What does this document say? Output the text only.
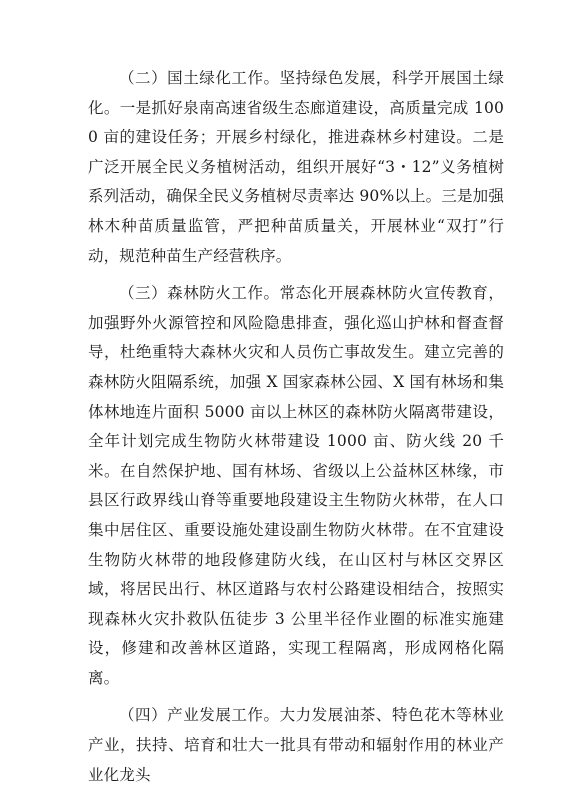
（二）国土绿化工作。坚持绿色发展，科学开展国土绿化。一是抓好泉南高速省级生态廊道建设，高质量完成 1000 亩的建设任务；开展乡村绿化，推进森林乡村建设。二是广泛开展全民义务植树活动，组织开展好“3・12”义务植树系列活动，确保全民义务植树尽责率达 90%以上。三是加强林木种苗质量监管，严把种苗质量关，开展林业“双打”行动，规范种苗生产经营秩序。

（三）森林防火工作。常态化开展森林防火宣传教育，加强野外火源管控和风险隐患排查，强化巡山护林和督查督导，杜绝重特大森林火灾和人员伤亡事故发生。建立完善的森林防火阻隔系统，加强 X 国家森林公园、X 国有林场和集体林地连片面积 5000 亩以上林区的森林防火隔离带建设，全年计划完成生物防火林带建设 1000 亩、防火线 20 千米。在自然保护地、国有林场、省级以上公益林区林缘，市县区行政界线山脊等重要地段建设主生物防火林带，在人口集中居住区、重要设施处建设副生物防火林带。在不宜建设生物防火林带的地段修建防火线，在山区村与林区交界区域，将居民出行、林区道路与农村公路建设相结合，按照实现森林火灾扑救队伍徒步 3 公里半径作业圈的标准实施建设，修建和改善林区道路，实现工程隔离，形成网格化隔离。

（四）产业发展工作。大力发展油茶、特色花木等林业产业，扶持、培育和壮大一批具有带动和辐射作用的林业产业化龙头
